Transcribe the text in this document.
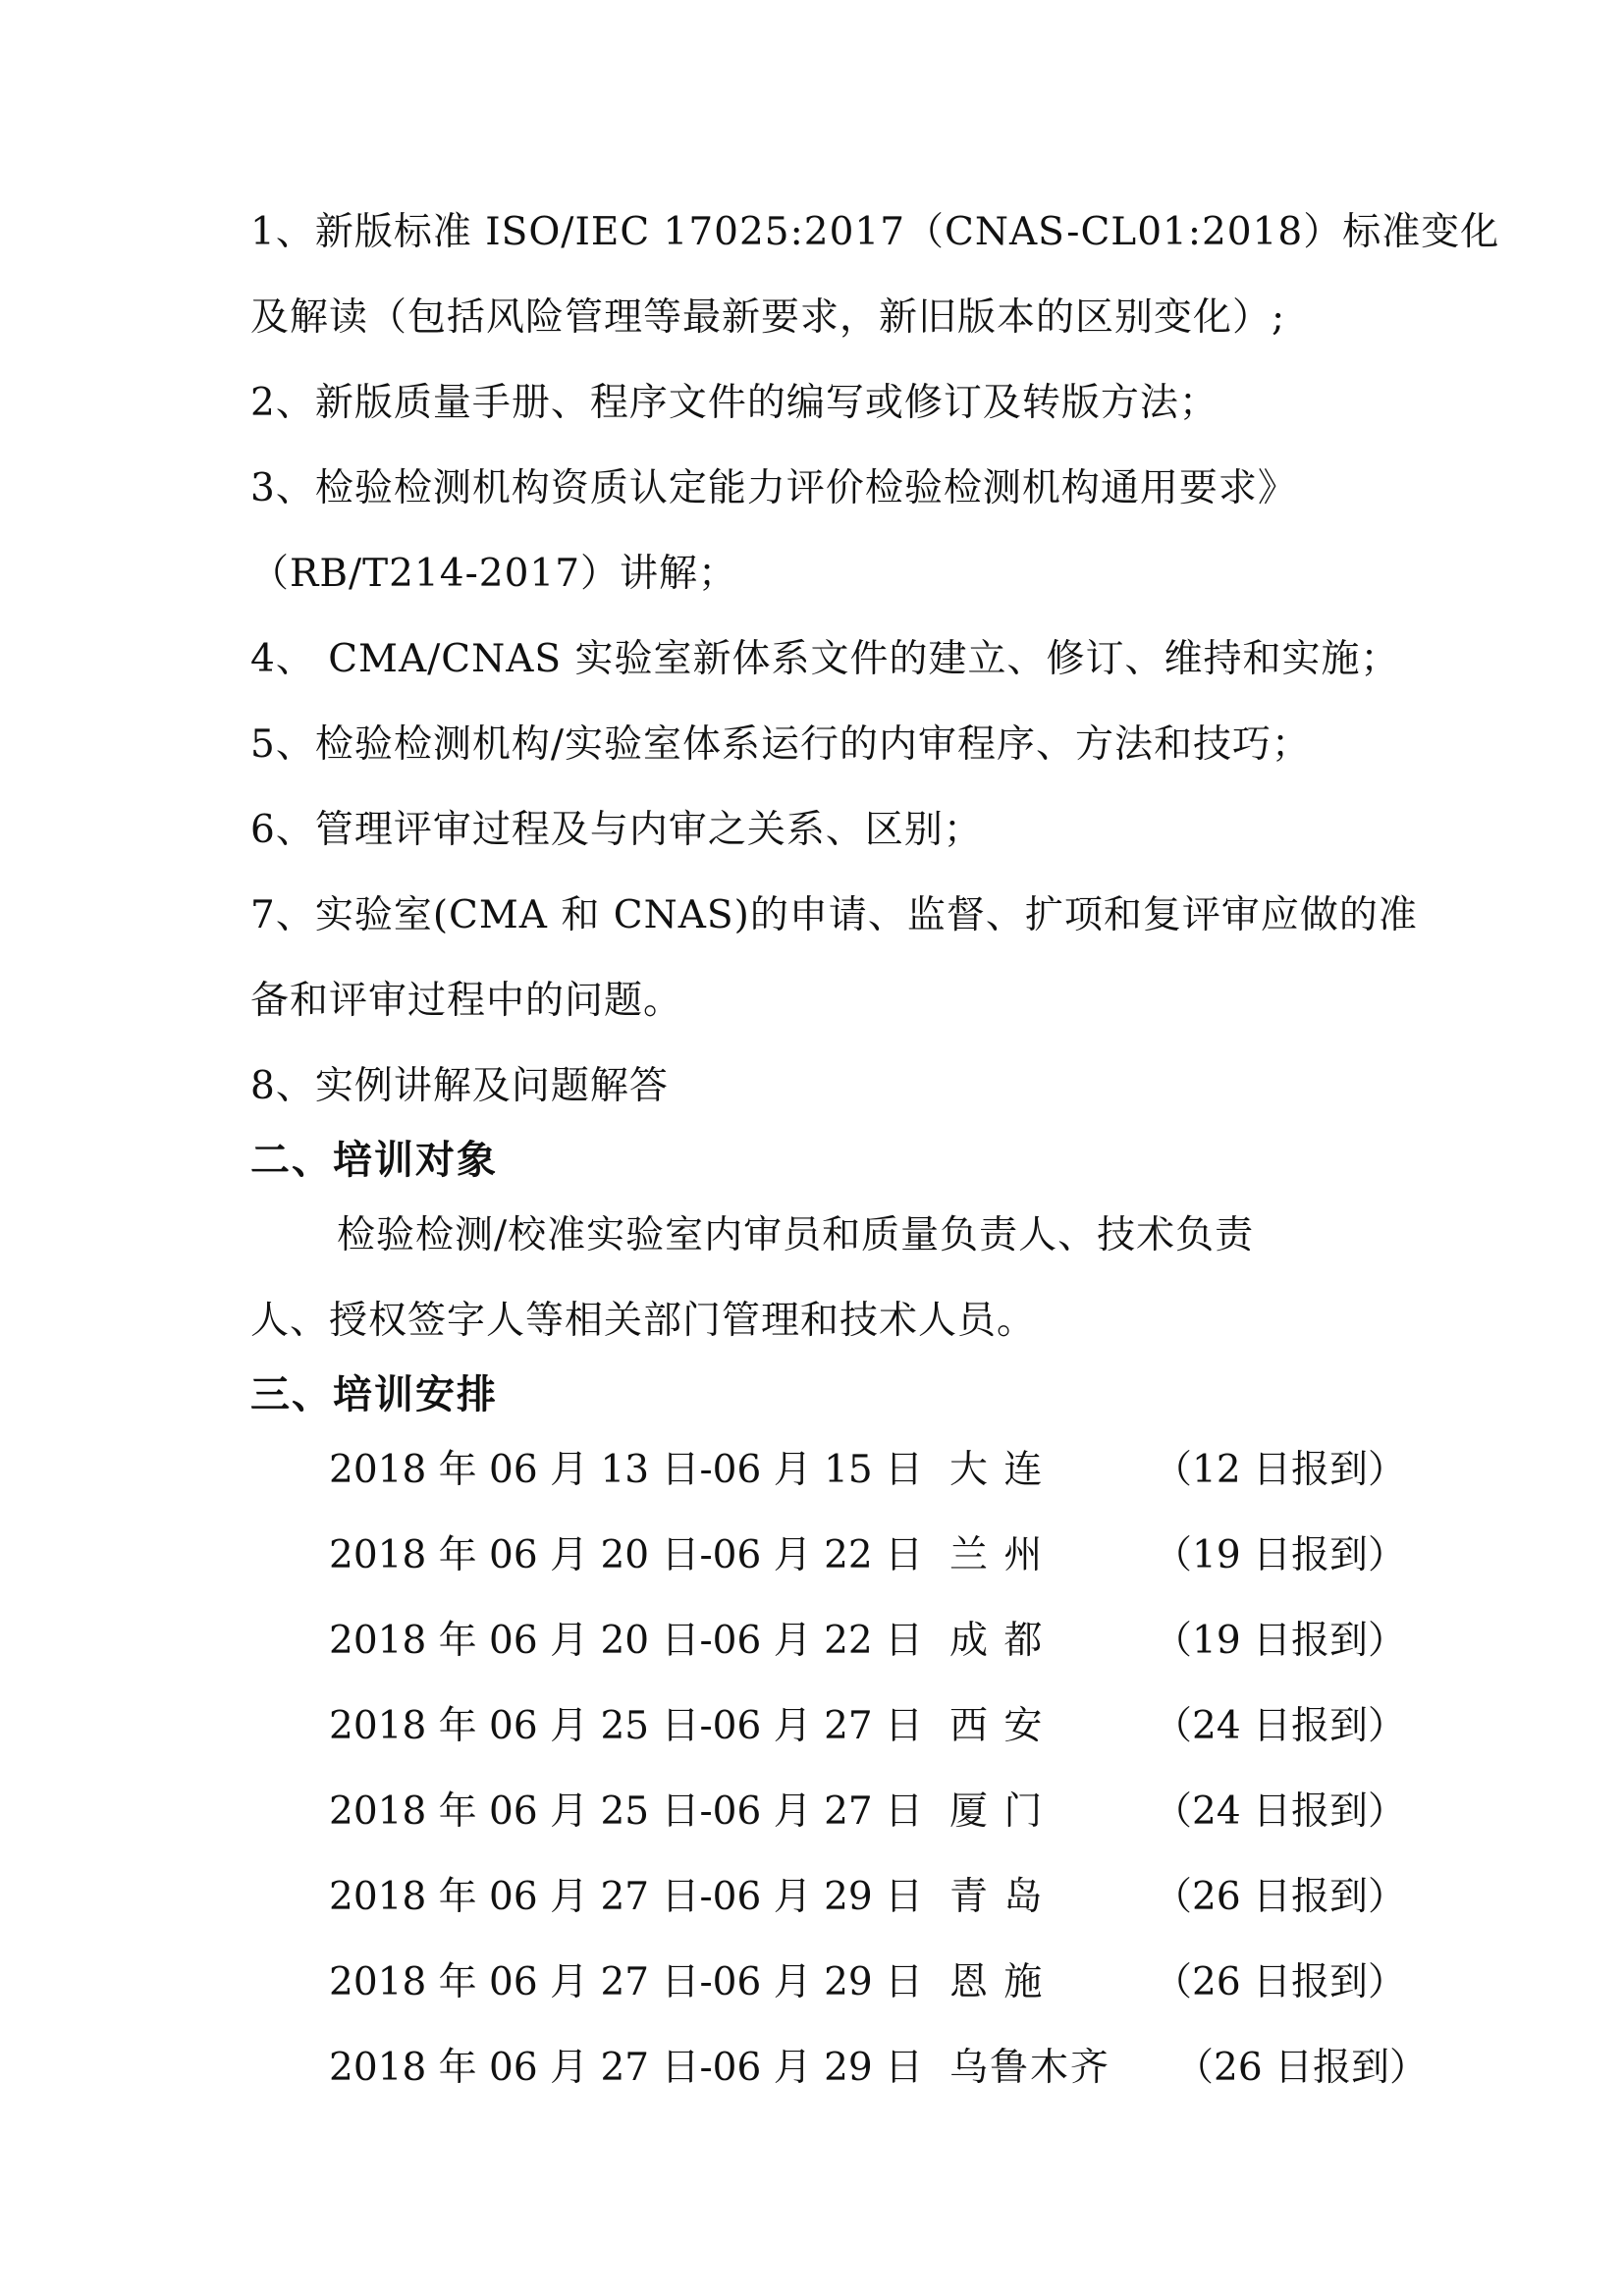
1、新版标准 ISO/IEC 17025:2017（CNAS-CL01:2018）标准变化
及解读（包括风险管理等最新要求，新旧版本的区别变化）;
2、新版质量手册、程序文件的编写或修订及转版方法；
3、检验检测机构资质认定能力评价检验检测机构通用要求》
（RB/T214-2017）讲解；
4、 CMA/CNAS 实验室新体系文件的建立、修订、维持和实施；
5、检验检测机构/实验室体系运行的内审程序、方法和技巧；
6、管理评审过程及与内审之关系、区别；
7、实验室(CMA 和 CNAS)的申请、监督、扩项和复评审应做的准
备和评审过程中的问题。
8、实例讲解及问题解答
二、培训对象
检验检测/校准实验室内审员和质量负责人、技术负责
人、授权签字人等相关部门管理和技术人员。
三、培训安排
2018 年 06 月 13 日-06 月 15 日 大 连	（12 日报到）
2018 年 06 月 20 日-06 月 22 日 兰 州	（19 日报到）
2018 年 06 月 20 日-06 月 22 日 成 都	（19 日报到）
2018 年 06 月 25 日-06 月 27 日 西 安	（24 日报到）
2018 年 06 月 25 日-06 月 27 日 厦 门	（24 日报到）
2018 年 06 月 27 日-06 月 29 日 青 岛	（26 日报到）
2018 年 06 月 27 日-06 月 29 日 恩 施	（26 日报到）
2018 年 06 月 27 日-06 月 29 日 乌鲁木齐 （26 日报到）
